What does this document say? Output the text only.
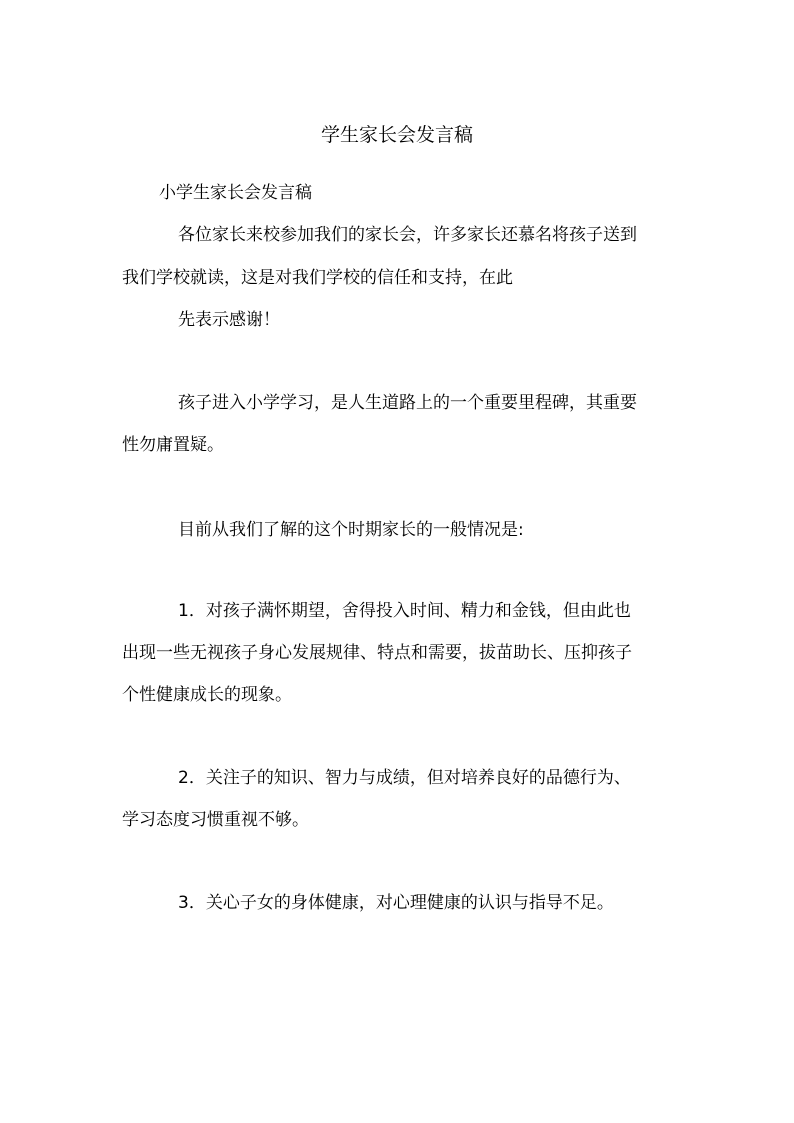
学生家长会发言稿
小学生家长会发言稿
各位家长来校参加我们的家长会，许多家长还慕名将孩子送到
我们学校就读，这是对我们学校的信任和支持，在此
先表示感谢！
孩子进入小学学习，是人生道路上的一个重要里程碑，其重要
性勿庸置疑。
目前从我们了解的这个时期家长的一般情况是:
1．对孩子满怀期望，舍得投入时间、精力和金钱，但由此也
出现一些无视孩子身心发展规律、特点和需要，拔苗助长、压抑孩子
个性健康成长的现象。
2．关注子的知识、智力与成绩，但对培养良好的品德行为、
学习态度习惯重视不够。
3．关心子女的身体健康，对心理健康的认识与指导不足。
